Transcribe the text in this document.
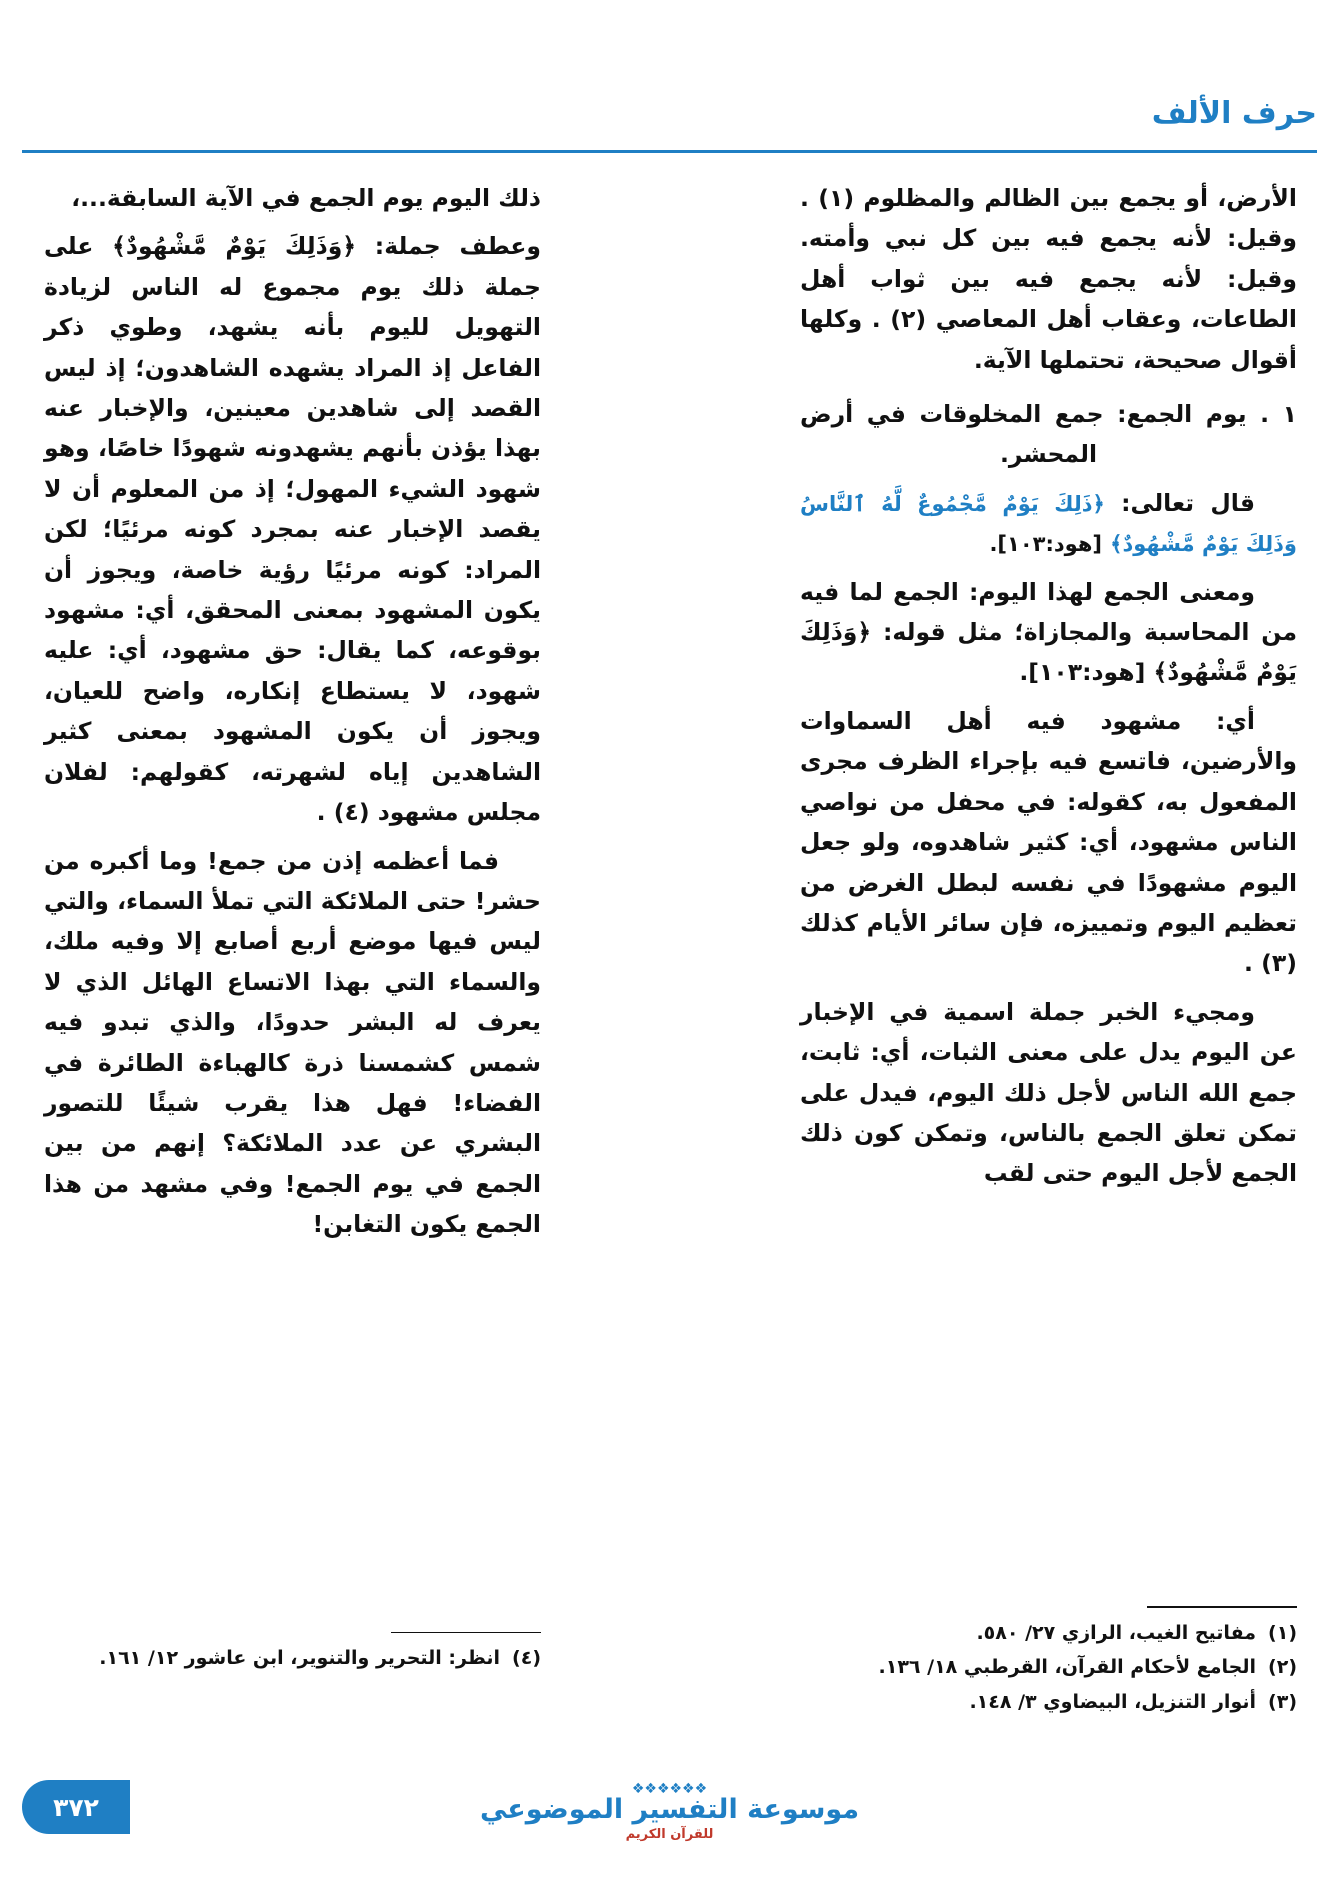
حرف الألف

الأرض، أو يجمع بين الظالم والمظلوم (١) . وقيل: لأنه يجمع فيه بين كل نبي وأمته. وقيل: لأنه يجمع فيه بين ثواب أهل الطاعات، وعقاب أهل المعاصي (٢) . وكلها أقوال صحيحة، تحتملها الآية.

١ . يوم الجمع: جمع المخلوقات في أرض المحشر.

قال تعالى: ﴿ذَلِكَ يَوْمٌ مَّجْمُوعٌ لَّهُ ٱلنَّاسُ وَذَلِكَ يَوْمٌ مَّشْهُودٌ﴾ [هود:١٠٣].

ومعنى الجمع لهذا اليوم: الجمع لما فيه من المحاسبة والمجازاة؛ مثل قوله: ﴿وَذَلِكَ يَوْمٌ مَّشْهُودٌ﴾ [هود:١٠٣].

أي: مشهود فيه أهل السماوات والأرضين، فاتسع فيه بإجراء الظرف مجرى المفعول به، كقوله: في محفل من نواصي الناس مشهود، أي: كثير شاهدوه، ولو جعل اليوم مشهودًا في نفسه لبطل الغرض من تعظيم اليوم وتمييزه، فإن سائر الأيام كذلك (٣) .

ومجيء الخبر جملة اسمية في الإخبار عن اليوم يدل على معنى الثبات، أي: ثابت، جمع الله الناس لأجل ذلك اليوم، فيدل على تمكن تعلق الجمع بالناس، وتمكن كون ذلك الجمع لأجل اليوم حتى لقب

ذلك اليوم يوم الجمع في الآية السابقة...،

وعطف جملة: ﴿وَذَلِكَ يَوْمٌ مَّشْهُودٌ﴾ على جملة ذلك يوم مجموع له الناس لزيادة التهويل لليوم بأنه يشهد، وطوي ذكر الفاعل إذ المراد يشهده الشاهدون؛ إذ ليس القصد إلى شاهدين معينين، والإخبار عنه بهذا يؤذن بأنهم يشهدونه شهودًا خاصًا، وهو شهود الشيء المهول؛ إذ من المعلوم أن لا يقصد الإخبار عنه بمجرد كونه مرئيًا؛ لكن المراد: كونه مرئيًا رؤية خاصة، ويجوز أن يكون المشهود بمعنى المحقق، أي: مشهود بوقوعه، كما يقال: حق مشهود، أي: عليه شهود، لا يستطاع إنكاره، واضح للعيان، ويجوز أن يكون المشهود بمعنى كثير الشاهدين إياه لشهرته، كقولهم: لفلان مجلس مشهود (٤) .

فما أعظمه إذن من جمع! وما أكبره من حشر! حتى الملائكة التي تملأ السماء، والتي ليس فيها موضع أربع أصابع إلا وفيه ملك، والسماء التي بهذا الاتساع الهائل الذي لا يعرف له البشر حدودًا، والذي تبدو فيه شمس كشمسنا ذرة كالهباءة الطائرة في الفضاء! فهل هذا يقرب شيئًا للتصور البشري عن عدد الملائكة؟ إنهم من بين الجمع في يوم الجمع! وفي مشهد من هذا الجمع يكون التغابن!

(١)
مفاتيح الغيب، الرازي ٢٧/ ٥٨٠.
(٢)
الجامع لأحكام القرآن، القرطبي ١٨/ ١٣٦.
(٣)
أنوار التنزيل، البيضاوي ٣/ ١٤٨.
(٤)
انظر: التحرير والتنوير، ابن عاشور ١٢/ ١٦١.
❖❖❖❖❖❖
موسوعة التفسير الموضوعي
للقرآن الكريم
٣٧٢
